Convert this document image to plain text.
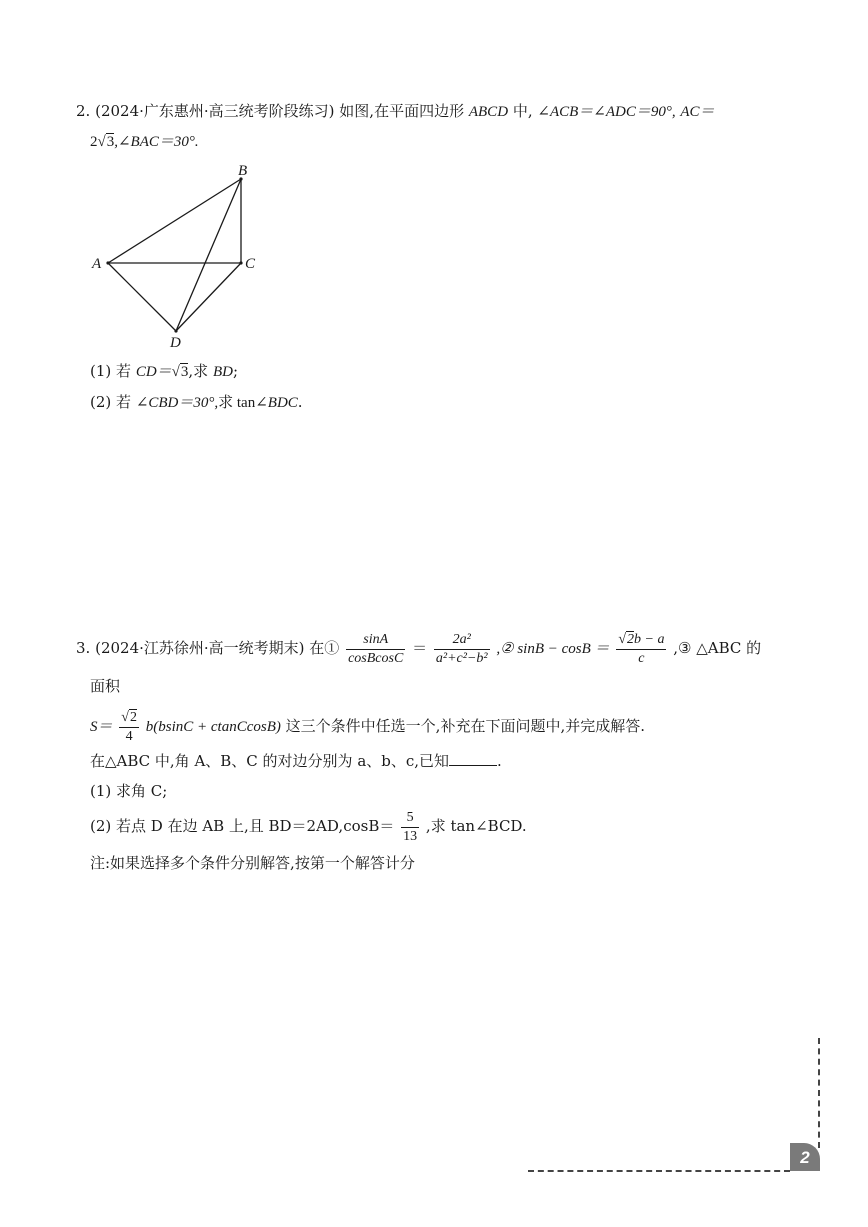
2. (2024·广东惠州·高三统考阶段练习) 如图,在平面四边形 ABCD 中, ∠ACB＝∠ADC＝90°, AC＝
2√3,∠BAC＝30°.
A
B
C
D
(1) 若 CD＝√3,求 BD;
(2) 若 ∠CBD＝30°,求 tan∠BDC.
3. (2024·江苏徐州·高一统考期末) 在① $\frac{\sin A}{\text{cosBcosC}} = \frac{\text{2a²}}{\text{a²+c²−b²}}$ ,② $\sin B - \cos B = \frac{√2b - a}{c}$ ,③ △ABC 的
面积
$S= \frac{√2}{4} b(bsinC$ + ctanCcosB) 这三个条件中任选一个,补充在下面问题中,并完成解答.
在△ABC 中,角 A、B、C 的对边分别为 a、b、c,已知	.
(1) 求角 C;
(2) 若点 D 在边 AB 上,且 $BD=2AD,\cos B= \frac{5}{13}$ ,求 tan∠BCD.
注:如果选择多个条件分别解答,按第一个解答计分
2
